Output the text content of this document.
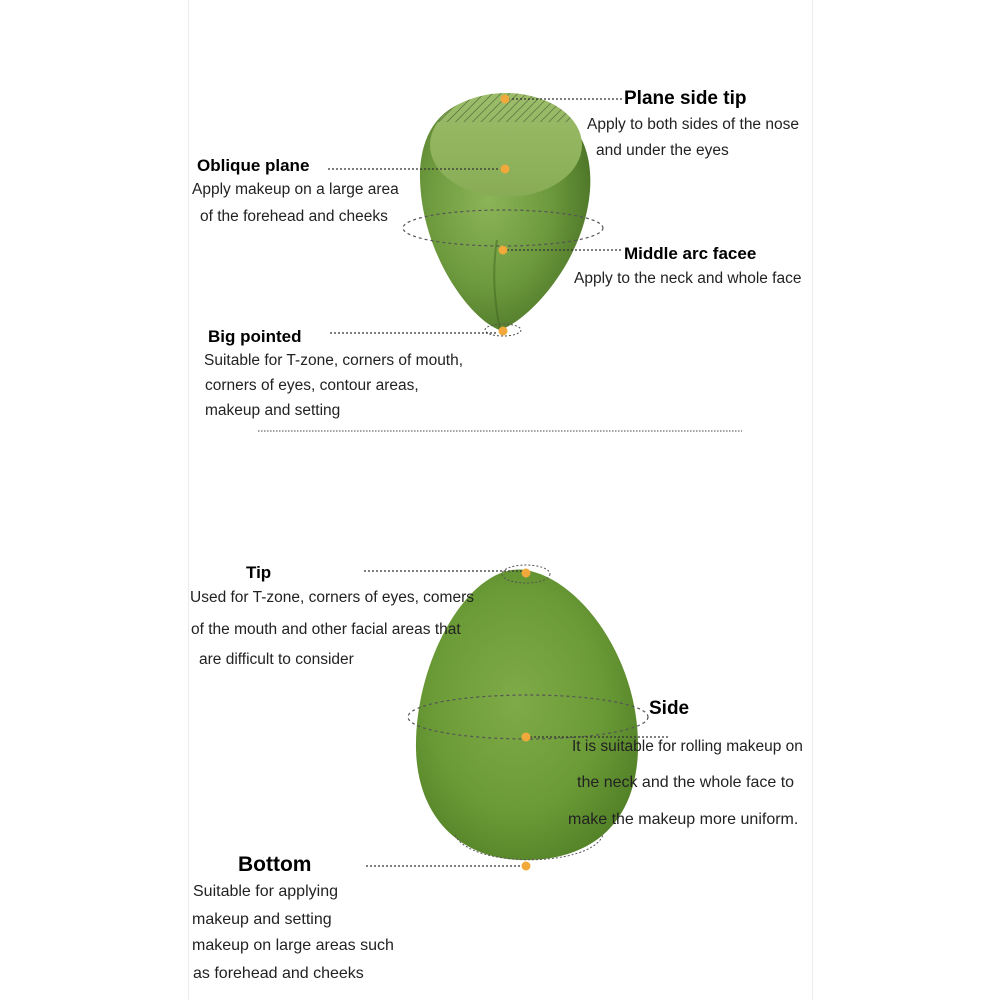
Plane side tip
Apply to both sides of the nose
and under the eyes
Oblique plane
Apply makeup on a large area
of the forehead and cheeks
Middle arc facee
Apply to the neck and whole face
Big pointed
Suitable for T-zone, corners of mouth,
corners of eyes, contour areas,
makeup and setting
Tip
Used for T-zone, corners of eyes, comers
of the mouth and other facial areas that
are difficult to consider
Side
It is suitable for rolling makeup on
the neck and the whole face to
make the makeup more uniform.
Bottom
Suitable for applying
makeup and setting
makeup on large areas such
as forehead and cheeks
